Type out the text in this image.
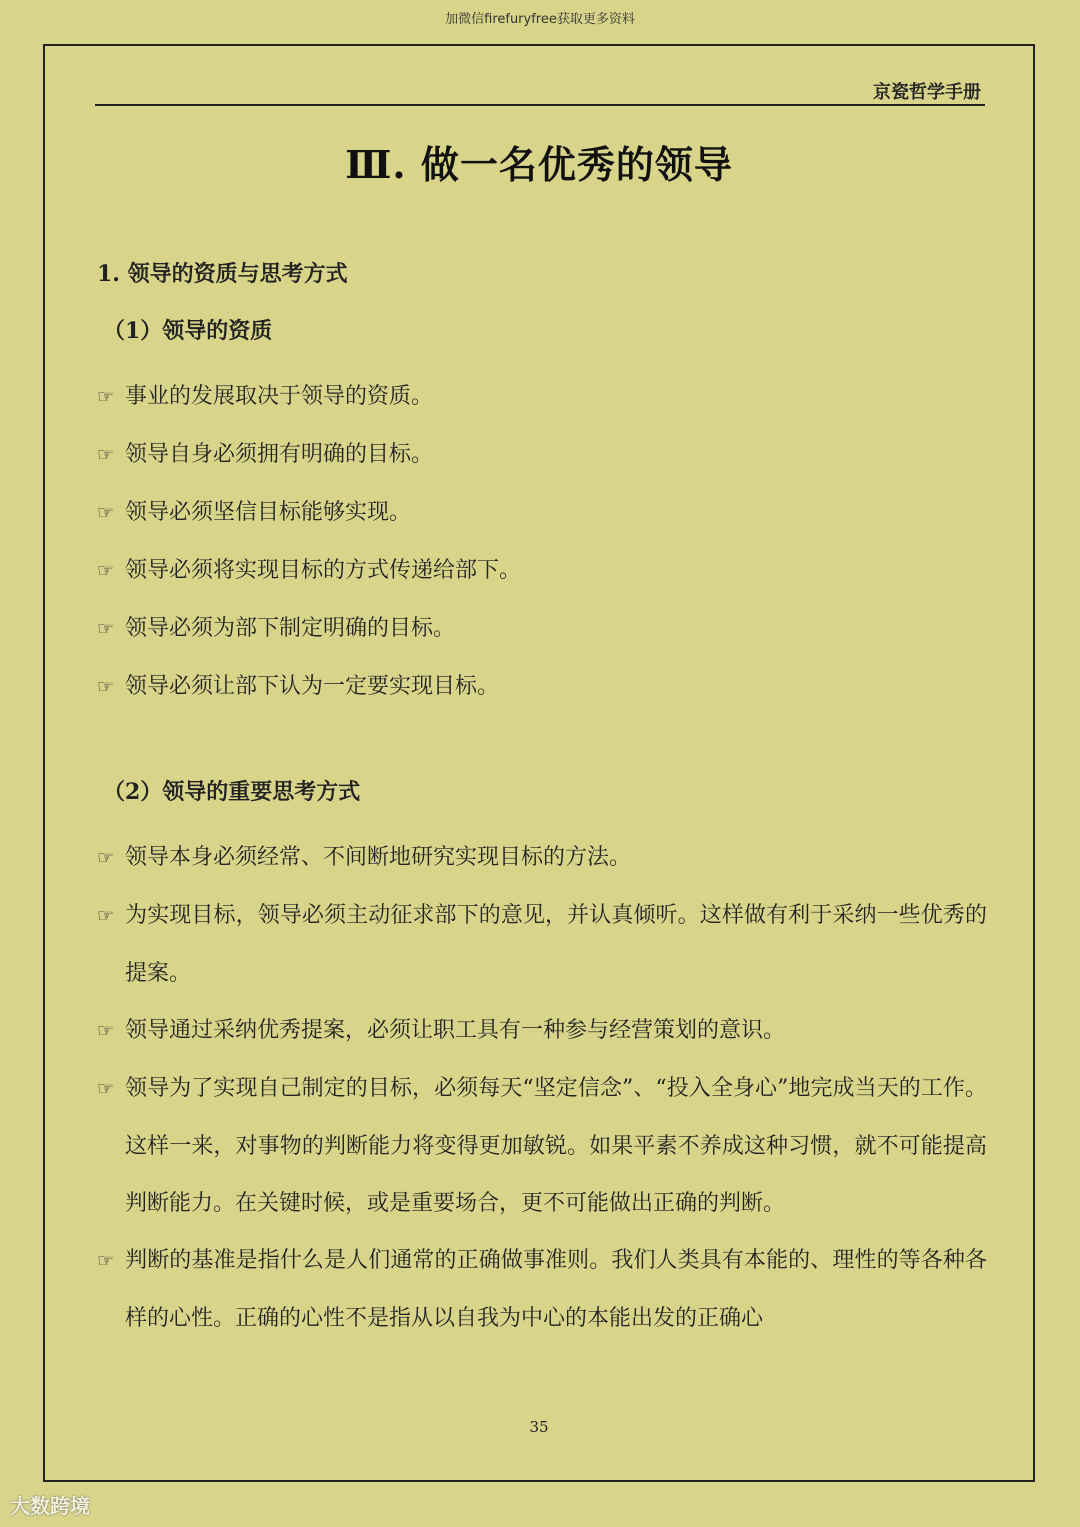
加微信firefuryfree获取更多资料
京瓷哲学手册
Ⅲ. 做一名优秀的领导

1. 领导的资质与思考方式

（1）领导的资质

☞ 事业的发展取决于领导的资质。

☞ 领导自身必须拥有明确的目标。

☞ 领导必须坚信目标能够实现。

☞ 领导必须将实现目标的方式传递给部下。

☞ 领导必须为部下制定明确的目标。

☞ 领导必须让部下认为一定要实现目标。

（2）领导的重要思考方式

☞ 领导本身必须经常、不间断地研究实现目标的方法。

☞ 为实现目标，领导必须主动征求部下的意见，并认真倾听。这样做有利于采纳一些优秀的提案。

☞ 领导通过采纳优秀提案，必须让职工具有一种参与经营策划的意识。

☞ 领导为了实现自己制定的目标，必须每天“坚定信念”、“投入全身心”地完成当天的工作。这样一来，对事物的判断能力将变得更加敏锐。如果平素不养成这种习惯，就不可能提高判断能力。在关键时候，或是重要场合，更不可能做出正确的判断。

☞ 判断的基准是指什么是人们通常的正确做事准则。我们人类具有本能的、理性的等各种各样的心性。正确的心性不是指从以自我为中心的本能出发的正确心

35
大数跨境
